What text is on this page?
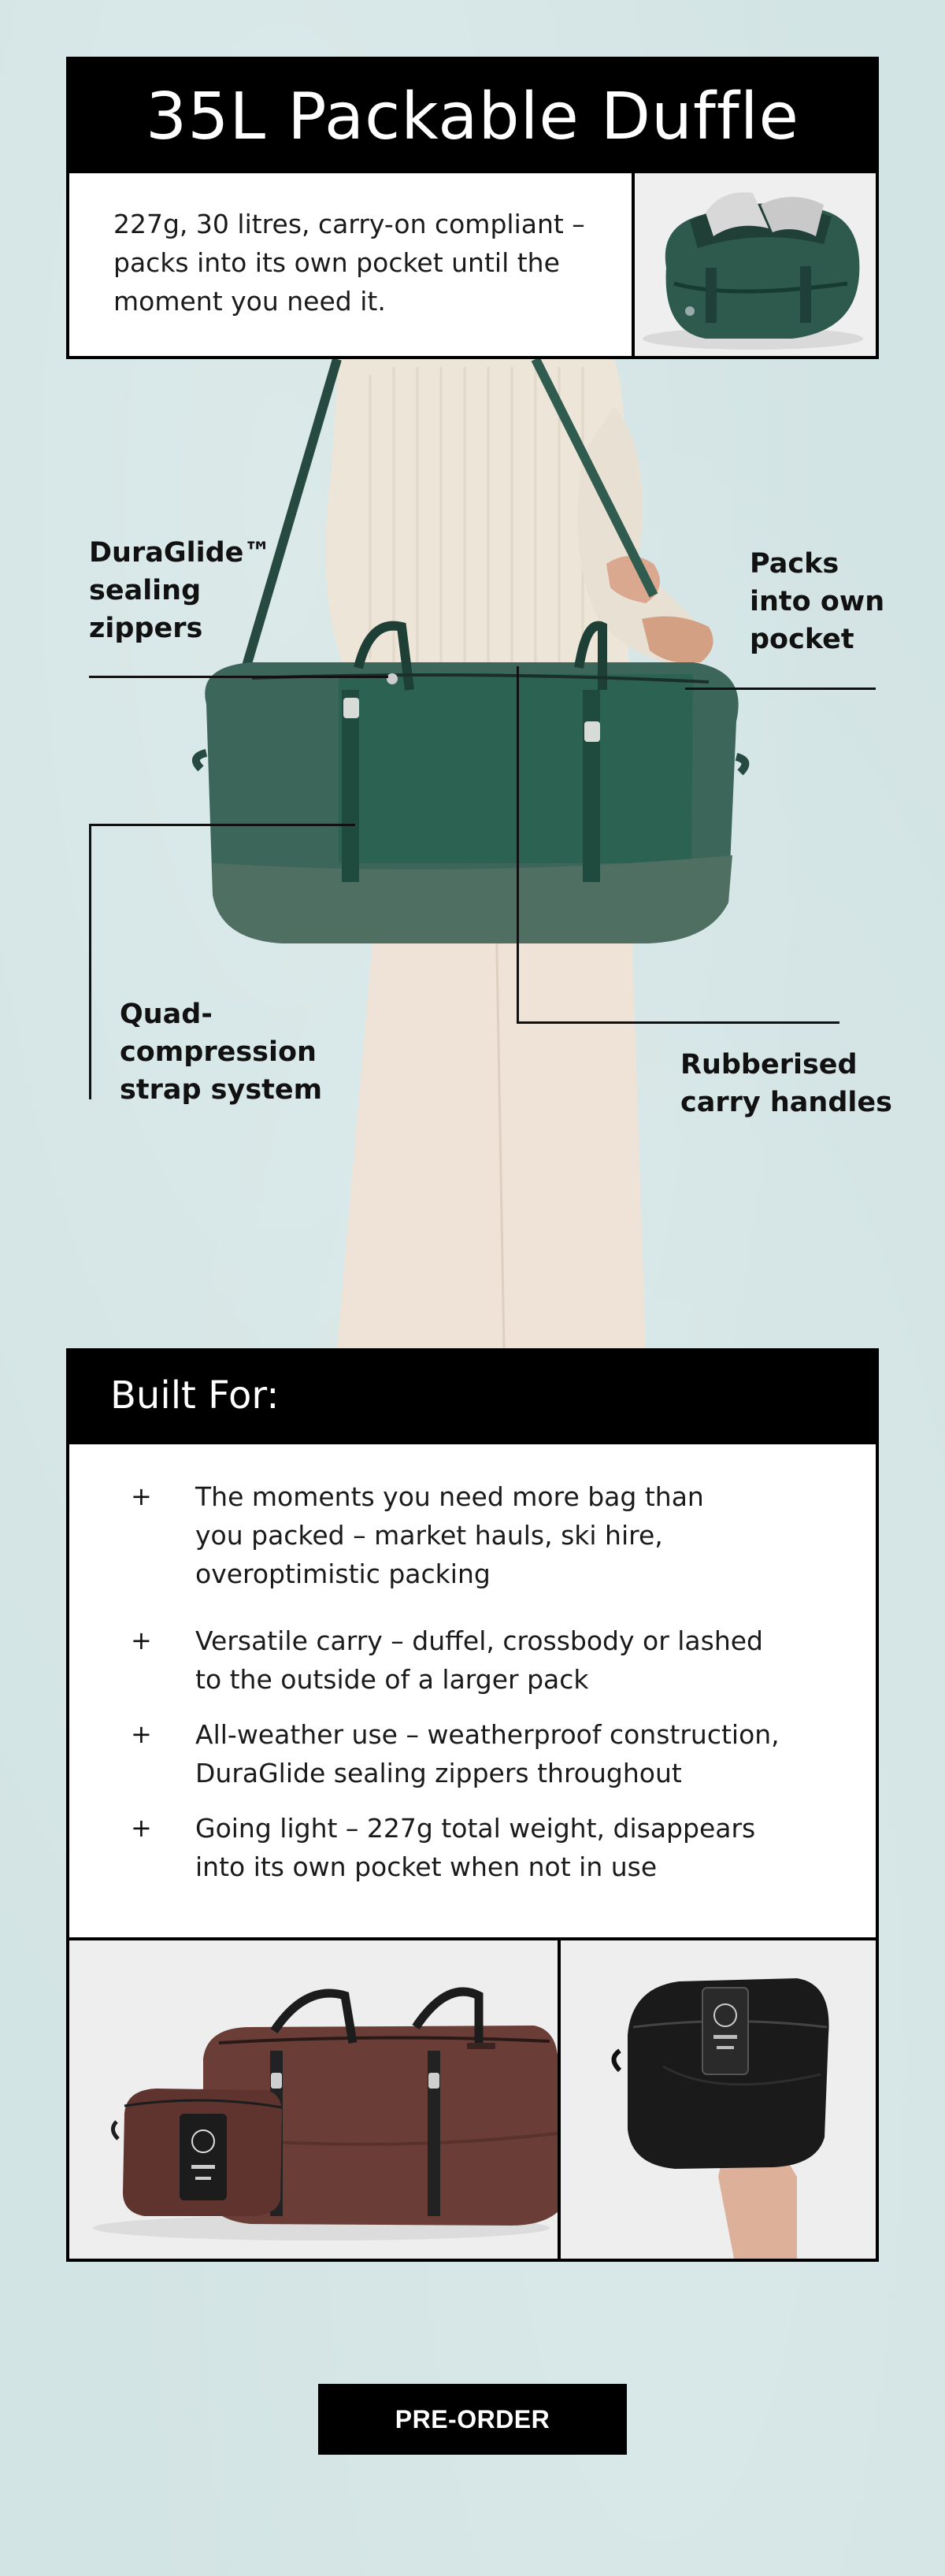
35L Packable Duffle
227g, 30 litres, carry-on compliant – packs into its own pocket until the moment you need it.
DuraGlide™
sealing
zippers
Packs
into own
pocket
Quad-
compression
strap system
Rubberised
carry handles
Built For:
+ The moments you need more bag than
you packed – market hauls, ski hire,
overoptimistic packing
+ Versatile carry – duffel, crossbody or lashed
to the outside of a larger pack
+ All-weather use – weatherproof construction,
DuraGlide sealing zippers throughout
+ Going light – 227g total weight, disappears
into its own pocket when not in use
PRE-ORDER
